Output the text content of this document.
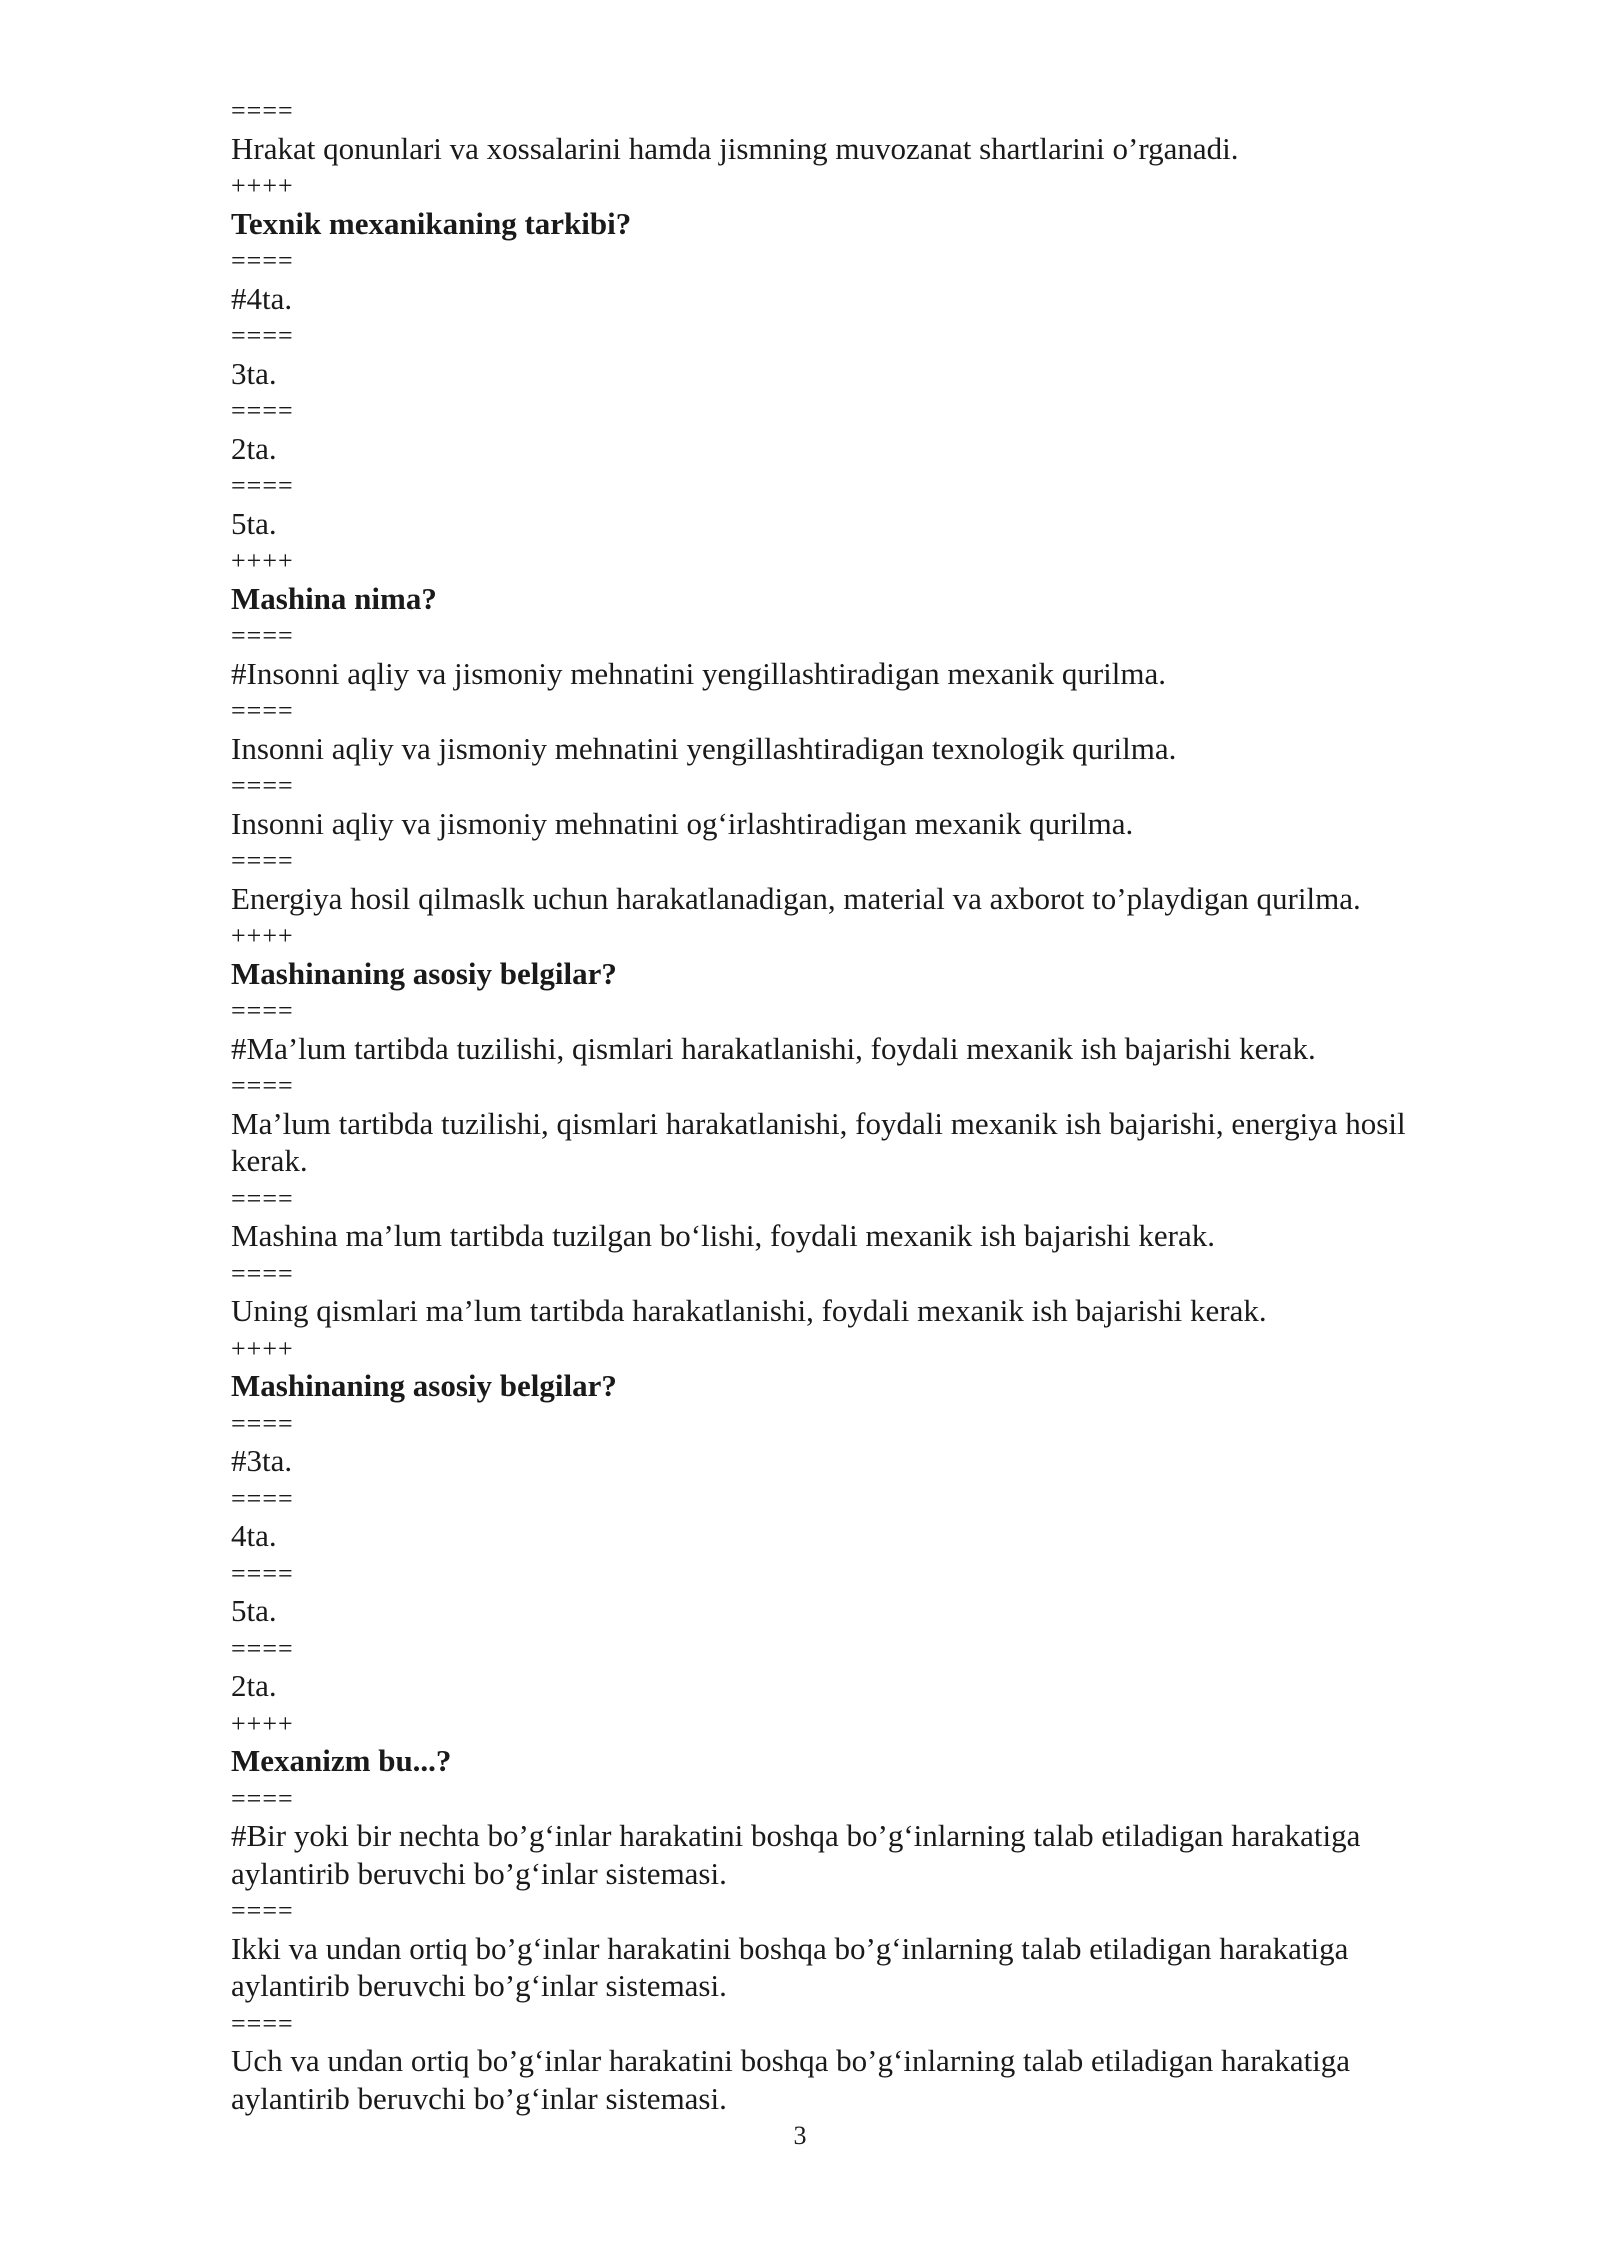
====
Hrakat qonunlari va xossalarini hamda jismning muvozanat shartlarini o’rganadi.
++++
Texnik mexanikaning tarkibi?
====
#4ta.
====
3ta.
====
2ta.
====
5ta.
++++
Mashina nima?
====
#Insonni aqliy va jismoniy mehnatini yengillashtiradigan mexanik qurilma.
====
Insonni aqliy va jismoniy mehnatini yengillashtiradigan texnologik qurilma.
====
Insonni aqliy va jismoniy mehnatini og‘irlashtiradigan mexanik qurilma.
====
Energiya hosil qilmaslk uchun harakatlanadigan, material va axborot to’playdigan qurilma.
++++
Mashinaning asosiy belgilar?
====
#Ma’lum tartibda tuzilishi, qismlari harakatlanishi, foydali mexanik ish bajarishi kerak.
====
Ma’lum tartibda tuzilishi, qismlari harakatlanishi, foydali mexanik ish bajarishi, energiya hosil
kerak.
====
Mashina ma’lum tartibda tuzilgan bo‘lishi, foydali mexanik ish bajarishi kerak.
====
Uning qismlari ma’lum tartibda harakatlanishi, foydali mexanik ish bajarishi kerak.
++++
Mashinaning asosiy belgilar?
====
#3ta.
====
4ta.
====
5ta.
====
2ta.
++++
Mexanizm bu...?
====
#Bir yoki bir nechta bo’g‘inlar harakatini boshqa bo’g‘inlarning talab etiladigan harakatiga
aylantirib beruvchi bo’g‘inlar sistemasi.
====
Ikki va undan ortiq bo’g‘inlar harakatini boshqa bo’g‘inlarning talab etiladigan harakatiga
aylantirib beruvchi bo’g‘inlar sistemasi.
====
Uch va undan ortiq bo’g‘inlar harakatini boshqa bo’g‘inlarning talab etiladigan harakatiga
aylantirib beruvchi bo’g‘inlar sistemasi.
3
